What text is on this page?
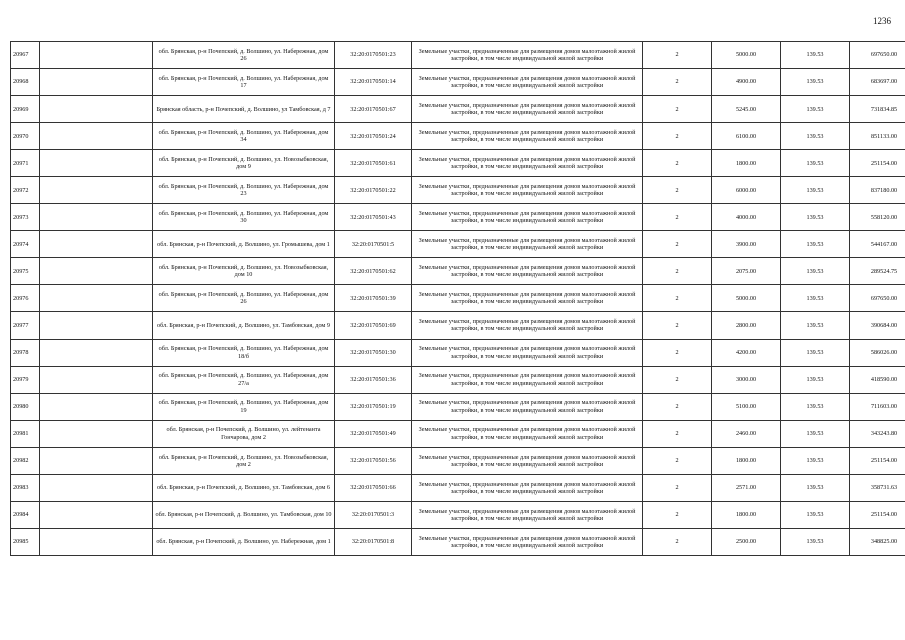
1236
20967		обл. Брянская, р-н Почепский, д. Волшино, ул. Набережная, дом 26	32:20:0170501:23	Земельные участки, предназначенные для размещения домов малоэтажной жилой застройки, в том числе индивидуальной жилой застройки	2	5000.00	139.53	697650.00
20968		обл. Брянская, р-н Почепский, д. Волшино, ул. Набережная, дом 17	32:20:0170501:14	Земельные участки, предназначенные для размещения домов малоэтажной жилой застройки, в том числе индивидуальной жилой застройки	2	4900.00	139.53	683697.00
20969		Брянская область, р-н Почепский, д. Волшино, ул Тамбовская, д 7	32:20:0170501:67	Земельные участки, предназначенные для размещения домов малоэтажной жилой застройки, в том числе индивидуальной жилой застройки	2	5245.00	139.53	731834.85
20970		обл. Брянская, р-н Почепский, д. Волшино, ул. Набережная, дом 34	32:20:0170501:24	Земельные участки, предназначенные для размещения домов малоэтажной жилой застройки, в том числе индивидуальной жилой застройки	2	6100.00	139.53	851133.00
20971		обл. Брянская, р-н Почепский, д. Волшино, ул. Новозыбковская, дом 9	32:20:0170501:61	Земельные участки, предназначенные для размещения домов малоэтажной жилой застройки, в том числе индивидуальной жилой застройки	2	1800.00	139.53	251154.00
20972		обл. Брянская, р-н Почепский, д. Волшино, ул. Набережная, дом 23	32:20:0170501:22	Земельные участки, предназначенные для размещения домов малоэтажной жилой застройки, в том числе индивидуальной жилой застройки	2	6000.00	139.53	837180.00
20973		обл. Брянская, р-н Почепский, д. Волшино, ул. Набережная, дом 30	32:20:0170501:43	Земельные участки, предназначенные для размещения домов малоэтажной жилой застройки, в том числе индивидуальной жилой застройки	2	4000.00	139.53	558120.00
20974		обл. Брянская, р-н Почепский, д. Волшино, ул. Громышева, дом 1	32:20:0170501:5	Земельные участки, предназначенные для размещения домов малоэтажной жилой застройки, в том числе индивидуальной жилой застройки	2	3900.00	139.53	544167.00
20975		обл. Брянская, р-н Почепский, д. Волшино, ул. Новозыбковская, дом 10	32:20:0170501:62	Земельные участки, предназначенные для размещения домов малоэтажной жилой застройки, в том числе индивидуальной жилой застройки	2	2075.00	139.53	289524.75
20976		обл. Брянская, р-н Почепский, д. Волшино, ул. Набережная, дом 26	32:20:0170501:39	Земельные участки, предназначенные для размещения домов малоэтажной жилой застройки, в том числе индивидуальной жилой застройки	2	5000.00	139.53	697650.00
20977		обл. Брянская, р-н Почепский, д. Волшино, ул. Тамбовская, дом 9	32:20:0170501:69	Земельные участки, предназначенные для размещения домов малоэтажной жилой застройки, в том числе индивидуальной жилой застройки	2	2800.00	139.53	390684.00
20978		обл. Брянская, р-н Почепский, д. Волшино, ул. Набережная, дом 18/б	32:20:0170501:30	Земельные участки, предназначенные для размещения домов малоэтажной жилой застройки, в том числе индивидуальной жилой застройки	2	4200.00	139.53	586026.00
20979		обл. Брянская, р-н Почепский, д. Волшино, ул. Набережная, дом 27/а	32:20:0170501:36	Земельные участки, предназначенные для размещения домов малоэтажной жилой застройки, в том числе индивидуальной жилой застройки	2	3000.00	139.53	418590.00
20980		обл. Брянская, р-н Почепский, д. Волшино, ул. Набережная, дом 19	32:20:0170501:19	Земельные участки, предназначенные для размещения домов малоэтажной жилой застройки, в том числе индивидуальной жилой застройки	2	5100.00	139.53	711603.00
20981		обл. Брянская, р-н Почепский, д. Волшино, ул. лейтенанта Гончарова, дом 2	32:20:0170501:49	Земельные участки, предназначенные для размещения домов малоэтажной жилой застройки, в том числе индивидуальной жилой застройки	2	2460.00	139.53	343243.80
20982		обл. Брянская, р-н Почепский, д. Волшино, ул. Новозыбковская, дом 2	32:20:0170501:56	Земельные участки, предназначенные для размещения домов малоэтажной жилой застройки, в том числе индивидуальной жилой застройки	2	1800.00	139.53	251154.00
20983		обл. Брянская, р-н Почепский, д. Волшино, ул. Тамбовская, дом 6	32:20:0170501:66	Земельные участки, предназначенные для размещения домов малоэтажной жилой застройки, в том числе индивидуальной жилой застройки	2	2571.00	139.53	358731.63
20984		обл. Брянская, р-н Почепский, д. Волшино, ул. Тамбовская, дом 10	32:20:0170501:3	Земельные участки, предназначенные для размещения домов малоэтажной жилой застройки, в том числе индивидуальной жилой застройки	2	1800.00	139.53	251154.00
20985		обл. Брянская, р-н Почепский, д. Волшино, ул. Набережная, дом 1	32:20:0170501:8	Земельные участки, предназначенные для размещения домов малоэтажной жилой застройки, в том числе индивидуальной жилой застройки	2	2500.00	139.53	348825.00
